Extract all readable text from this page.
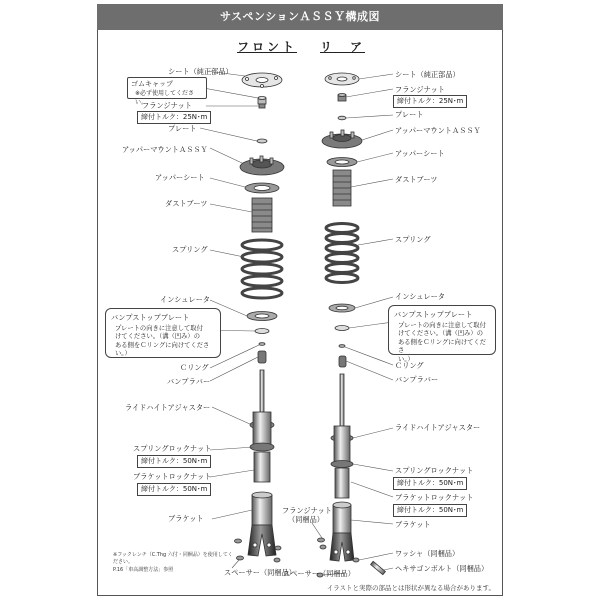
サスペンションＡＳＳＹ構成図
フロント リ　ア
シート（純正部品）
ゴムキャップ
※必ず使用してください。
フランジナット
締付トルク：25N･m
プレート
アッパーマウントＡＳＳＹ
アッパーシート
ダストブーツ
スプリング
インシュレータ
バンプストップブレート
プレートの向きに注意して取付
けてください。（溝（凹み）の
ある側をＣリングに向けてくださ
い。）
Ｃリング
バンプラバー
ライドハイトアジャスター
スプリングロックナット
締付トルク：50N･m
ブラケットロックナット
締付トルク：50N･m
ブラケット
※フックレンチ（C.Thg 六付・同梱品）を使用してください。
P.16「車高調整方法」参照	スペーサー（同梱品）
シート（純正部品）
フランジナット
締付トルク：25N･m
プレート
アッパーマウントＡＳＳＹ
アッパーシート
ダストブーツ
スプリング
インシュレータ
バンプストップブレート
プレートの向きに注意して取付
けてください。（溝（凹み）の
ある側をＣリングに向けてくださ
い。）
Ｃリング
バンプラバー
ライドハイトアジャスター
スプリングロックナット
締付トルク：50N･m
ブラケットロックナット
締付トルク：50N･m
フランジナット
（同梱品）
ブラケット
ワッシャ（同梱品）
ヘキサゴンボルト（同梱品）
スペーサー（同梱品）
イラストと実際の部品とは形状が異なる場合があります。
